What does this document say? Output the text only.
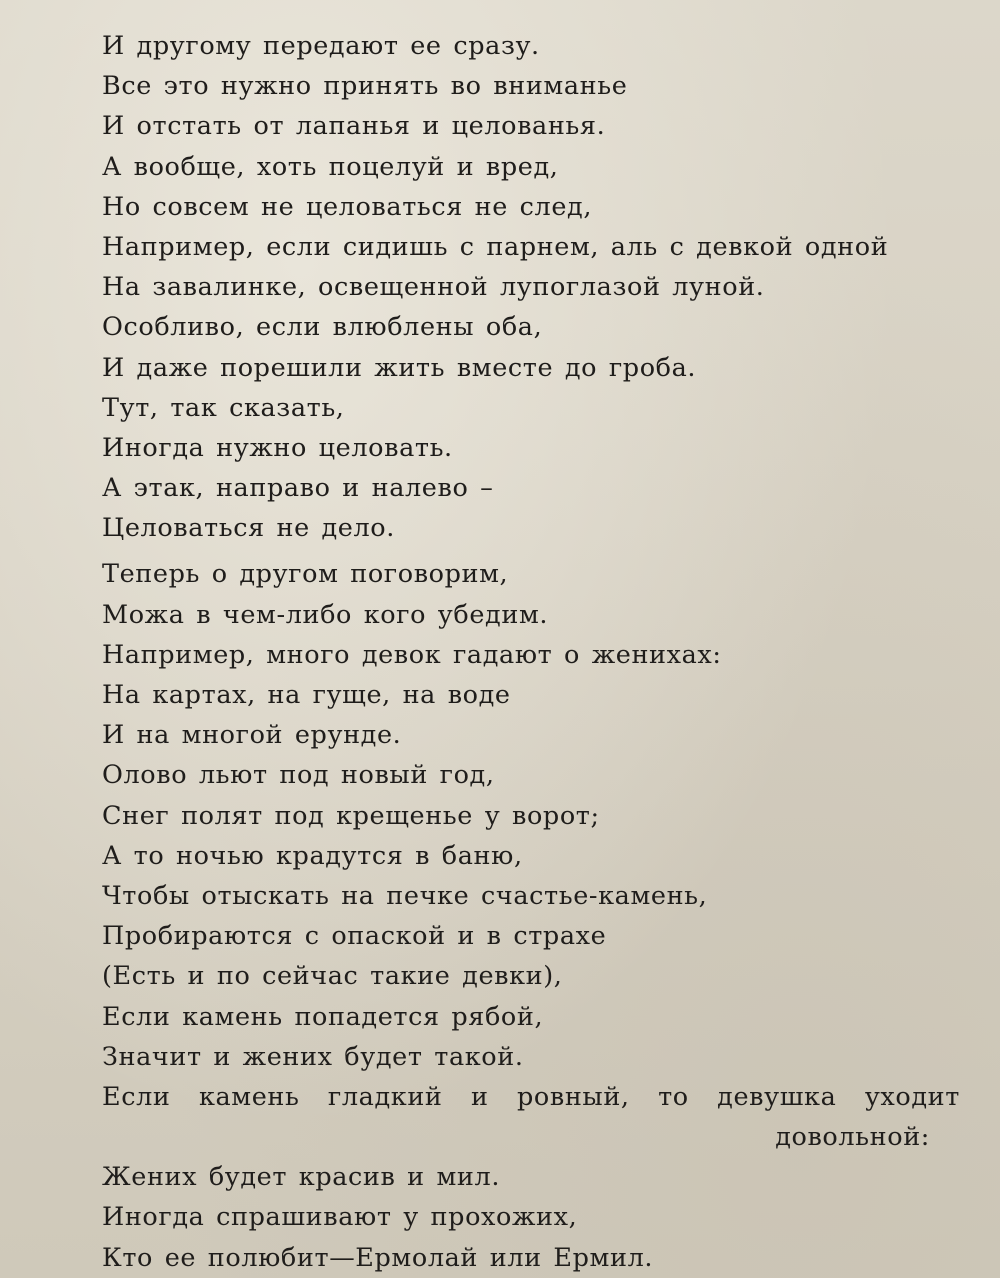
И другому передают ее сразу.
Все это нужно принять во вниманье
И отстать от лапанья и целованья.
А вообще, хоть поцелуй и вред,
Но совсем не целоваться не след,
Например, если сидишь с парнем, аль с девкой одной
На завалинке, освещенной лупоглазой луной.
Особливо, если влюблены оба,
И даже порешили жить вместе до гроба.
Тут, так сказать,
Иногда нужно целовать.
А этак, направо и налево –
Целоваться не дело.
Теперь о другом поговорим,
Можа в чем-либо кого убедим.
Например, много девок гадают о женихах:
На картах, на гуще, на воде
И на многой ерунде.
Олово льют под новый год,
Снег полят под крещенье у ворот;
А то ночью крадутся в баню,
Чтобы отыскать на печке счастье-камень,
Пробираются с опаской и в страхе
(Есть и по сейчас такие девки),
Если камень попадется рябой,
Значит и жених будет такой.
Если камень гладкий и ровный, то девушка уходит
довольной:
Жених будет красив и мил.
Иногда спрашивают у прохожих,
Кто ее полюбит—Ермолай или Ермил.
